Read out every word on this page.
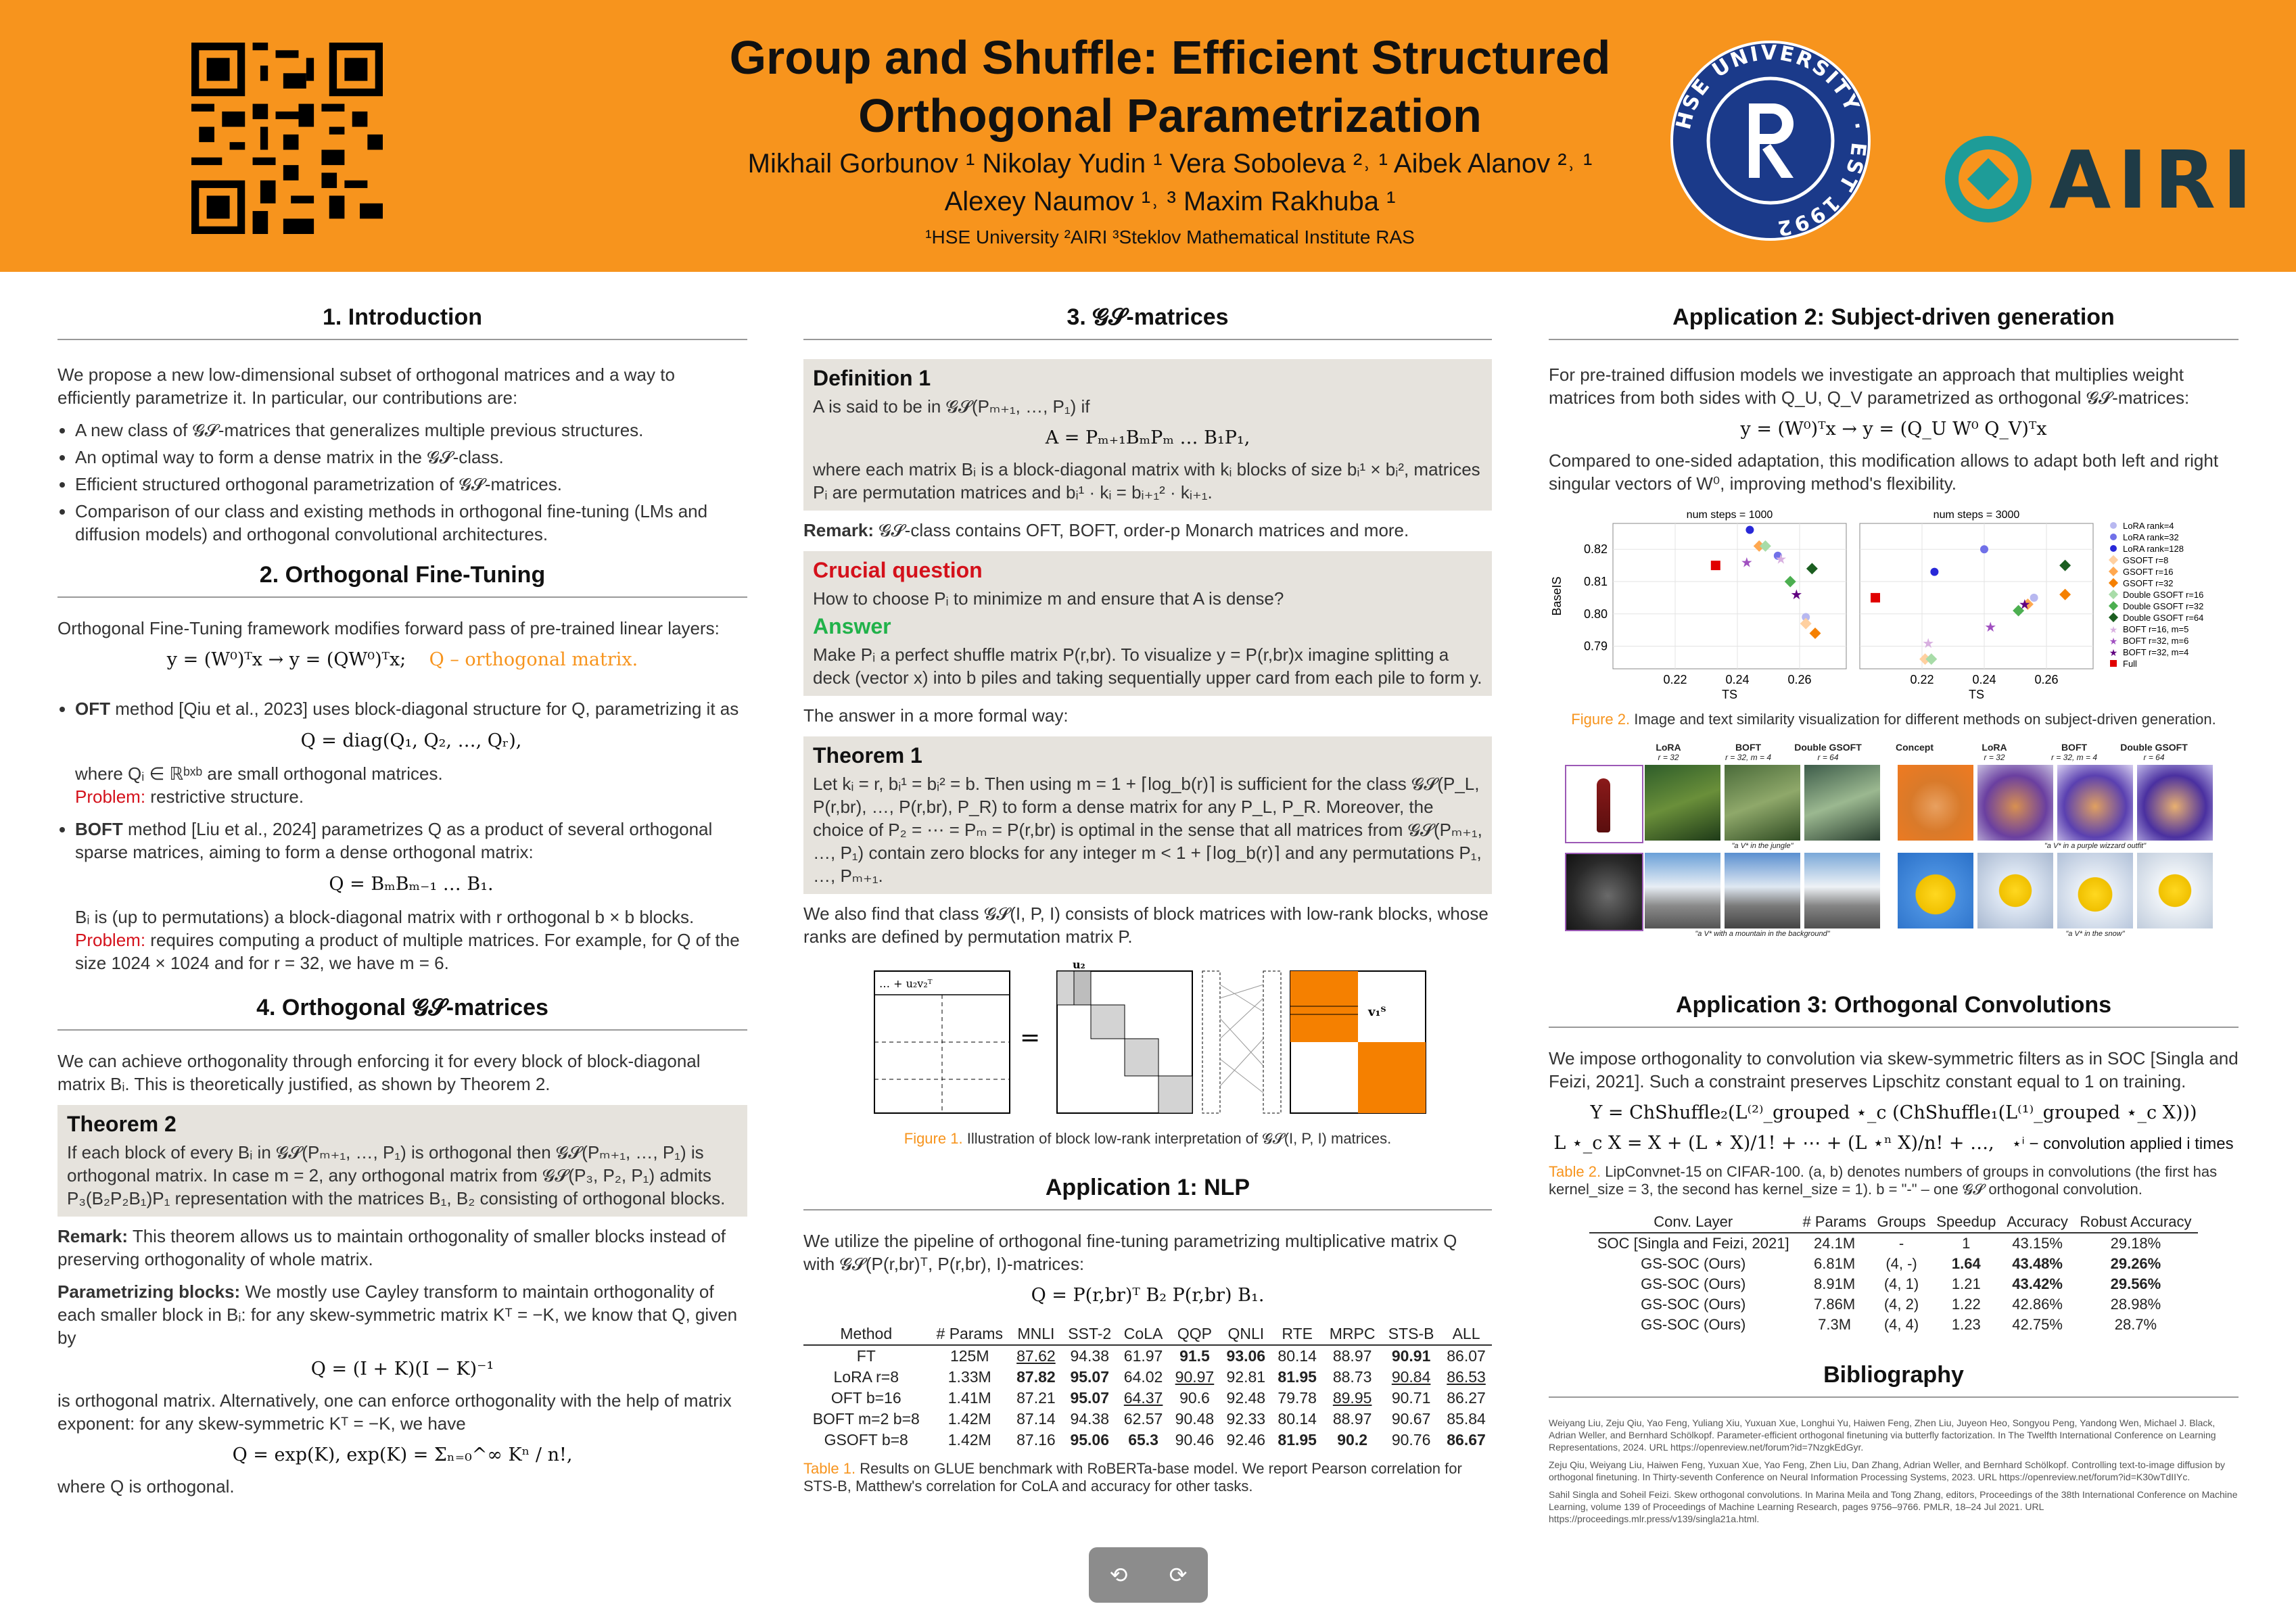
Group and Shuffle: Efficient Structured
Orthogonal Parametrization
Mikhail Gorbunov ¹ Nikolay Yudin ¹ Vera Soboleva ²˒ ¹ Aibek Alanov ²˒ ¹
Alexey Naumov ¹˒ ³ Maxim Rakhuba ¹
¹HSE University ²AIRI ³Steklov Mathematical Institute RAS
HSE UNIVERSITY · EST 1992
AIRI
1. Introduction

We propose a new low-dimensional subset of orthogonal matrices and a way to efficiently parametrize it. In particular, our contributions are:

• A new class of 𝓖𝓢-matrices that generalizes multiple previous structures.
• An optimal way to form a dense matrix in the 𝓖𝓢-class.
• Efficient structured orthogonal parametrization of 𝓖𝓢-matrices.
• Comparison of our class and existing methods in orthogonal fine-tuning (LMs and diffusion models) and orthogonal convolutional architectures.
2. Orthogonal Fine-Tuning

Orthogonal Fine-Tuning framework modifies forward pass of pre-trained linear layers:

y = (W⁰)ᵀx → y = (QW⁰)ᵀx; Q – orthogonal matrix.
• OFT method [Qiu et al., 2023] uses block-diagonal structure for Q, parametrizing it as
Q = diag(Q₁, Q₂, …, Qᵣ),
where Qᵢ ∈ ℝᵇˣᵇ are small orthogonal matrices.
Problem: restrictive structure.
• BOFT method [Liu et al., 2024] parametrizes Q as a product of several orthogonal sparse matrices, aiming to form a dense orthogonal matrix:
Q = BₘBₘ₋₁ … B₁.
Bᵢ is (up to permutations) a block-diagonal matrix with r orthogonal b × b blocks.
Problem: requires computing a product of multiple matrices. For example, for Q of the size 1024 × 1024 and for r = 32, we have m = 6.
4. Orthogonal 𝓖𝓢-matrices

We can achieve orthogonality through enforcing it for every block of block-diagonal matrix Bᵢ. This is theoretically justified, as shown by Theorem 2.

Theorem 2

If each block of every Bᵢ in 𝓖𝓢(Pₘ₊₁, …, P₁) is orthogonal then 𝓖𝓢(Pₘ₊₁, …, P₁) is orthogonal matrix. In case m = 2, any orthogonal matrix from 𝓖𝓢(P₃, P₂, P₁) admits P₃(B₂P₂B₁)P₁ representation with the matrices B₁, B₂ consisting of orthogonal blocks.

Remark: This theorem allows us to maintain orthogonality of smaller blocks instead of preserving orthogonality of whole matrix.

Parametrizing blocks: We mostly use Cayley transform to maintain orthogonality of each smaller block in Bᵢ: for any skew-symmetric matrix Kᵀ = −K, we know that Q, given by

Q = (I + K)(I − K)⁻¹

is orthogonal matrix. Alternatively, one can enforce orthogonality with the help of matrix exponent: for any skew-symmetric Kᵀ = −K, we have

Q = exp(K), exp(K) = Σₙ₌₀^∞ Kⁿ / n!,

where Q is orthogonal.

3. 𝓖𝓢-matrices
Definition 1

A is said to be in 𝓖𝓢(Pₘ₊₁, …, P₁) if

A = Pₘ₊₁BₘPₘ … B₁P₁,

where each matrix Bᵢ is a block-diagonal matrix with kᵢ blocks of size bᵢ¹ × bᵢ², matrices Pᵢ are permutation matrices and bᵢ¹ · kᵢ = bᵢ₊₁² · kᵢ₊₁.

Remark: 𝓖𝓢-class contains OFT, BOFT, order-p Monarch matrices and more.

Crucial question

How to choose Pᵢ to minimize m and ensure that A is dense?

Answer

Make Pᵢ a perfect shuffle matrix P(r,br). To visualize y = P(r,br)x imagine splitting a deck (vector x) into b piles and taking sequentially upper card from each pile to form y.

The answer in a more formal way:

Theorem 1

Let kᵢ = r, bᵢ¹ = bᵢ² = b. Then using m = 1 + ⌈log_b(r)⌉ is sufficient for the class 𝓖𝓢(P_L, P(r,br), …, P(r,br), P_R) to form a dense matrix for any P_L, P_R. Moreover, the choice of P₂ = ⋯ = Pₘ = P(r,br) is optimal in the sense that all matrices from 𝓖𝓢(Pₘ₊₁, …, P₁) contain zero blocks for any integer m < 1 + ⌈log_b(r)⌉ and any permutations P₁, …, Pₘ₊₁.

We also find that class 𝓖𝓢(I, P, I) consists of block matrices with low-rank blocks, whose ranks are defined by permutation matrix P.

… + u₂v₂ᵀ
=
u₂
v₁ᵀ
Figure 1. Illustration of block low-rank interpretation of 𝓖𝓢(I, P, I) matrices.
Application 1: NLP

We utilize the pipeline of orthogonal fine-tuning parametrizing multiplicative matrix Q with 𝓖𝓢(P(r,br)ᵀ, P(r,br), I)-matrices:

Q = P(r,br)ᵀ B₂ P(r,br) B₁.
Method	# Params	MNLI	SST-2	CoLA	QQP	QNLI	RTE	MRPC	STS-B	ALL
FT	125M	87.62	94.38	61.97	91.5	93.06	80.14	88.97	90.91	86.07
LoRA r=8	1.33M	87.82	95.07	64.02	90.97	92.81	81.95	88.73	90.84	86.53
OFT b=16	1.41M	87.21	95.07	64.37	90.6	92.48	79.78	89.95	90.71	86.27
BOFT m=2 b=8	1.42M	87.14	94.38	62.57	90.48	92.33	80.14	88.97	90.67	85.84
GSOFT b=8	1.42M	87.16	95.06	65.3	90.46	92.46	81.95	90.2	90.76	86.67
Table 1. Results on GLUE benchmark with RoBERTa-base model. We report Pearson correlation for STS-B, Matthew's correlation for CoLA and accuracy for other tasks.
Application 2: Subject-driven generation

For pre-trained diffusion models we investigate an approach that multiplies weight matrices from both sides with Q_U, Q_V parametrized as orthogonal 𝓖𝓢-matrices:

y = (W⁰)ᵀx → y = (Q_U W⁰ Q_V)ᵀx

Compared to one-sided adaptation, this modification allows to adapt both left and right singular vectors of W⁰, improving method's flexibility.

0.22	0.24	0.26
0.79
0.80
0.81
0.82
num steps = 1000
TS
BaseIS
★
★
★
0.22	0.24	0.26
num steps = 3000
TS
★
★
★
LoRA rank=4
LoRA rank=32
LoRA rank=128
GSOFT r=8
GSOFT r=16
GSOFT r=32
Double GSOFT r=16
Double GSOFT r=32
Double GSOFT r=64
★ BOFT r=16, m=5
★ BOFT r=32, m=6
★ BOFT r=32, m=4
Full
Figure 2. Image and text similarity visualization for different methods on subject-driven generation.
LoRA	BOFT	Double GSOFT	Concept	LoRA	BOFT	Double GSOFT
r = 32	r = 32, m = 4	r = 64	r = 32	r = 32, m = 4	r = 64
"a V* in the jungle"	"a V* in a purple wizzard outfit"
"a V* with a mountain in the background"	"a V* in the snow"
Application 3: Orthogonal Convolutions

We impose orthogonality to convolution via skew-symmetric filters as in SOC [Singla and Feizi, 2021]. Such a constraint preserves Lipschitz constant equal to 1 on training.

Y = ChShuffle₂(L⁽²⁾_grouped ⋆_c (ChShuffle₁(L⁽¹⁾_grouped ⋆_c X)))
L ⋆_c X = X + (L ⋆ X)/1! + ⋯ + (L ⋆ⁿ X)/n! + …, ⋆ⁱ − convolution applied i times
Table 2. LipConvnet-15 on CIFAR-100. (a, b) denotes numbers of groups in convolutions (the first has kernel_size = 3, the second has kernel_size = 1). b = "-" – one 𝓖𝓢 orthogonal convolution.
Conv. Layer	# Params	Groups	Speedup	Accuracy	Robust Accuracy
SOC [Singla and Feizi, 2021]	24.1M	-	1	43.15%	29.18%
GS-SOC (Ours)	6.81M	(4, -)	1.64	43.48%	29.26%
GS-SOC (Ours)	8.91M	(4, 1)	1.21	43.42%	29.56%
GS-SOC (Ours)	7.86M	(4, 2)	1.22	42.86%	28.98%
GS-SOC (Ours)	7.3M	(4, 4)	1.23	42.75%	28.7%
Bibliography

Weiyang Liu, Zeju Qiu, Yao Feng, Yuliang Xiu, Yuxuan Xue, Longhui Yu, Haiwen Feng, Zhen Liu, Juyeon Heo, Songyou Peng, Yandong Wen, Michael J. Black, Adrian Weller, and Bernhard Schölkopf. Parameter-efficient orthogonal finetuning via butterfly factorization. In The Twelfth International Conference on Learning Representations, 2024. URL https://openreview.net/forum?id=7NzgkEdGyr.

Zeju Qiu, Weiyang Liu, Haiwen Feng, Yuxuan Xue, Yao Feng, Zhen Liu, Dan Zhang, Adrian Weller, and Bernhard Schölkopf. Controlling text-to-image diffusion by orthogonal finetuning. In Thirty-seventh Conference on Neural Information Processing Systems, 2023. URL https://openreview.net/forum?id=K30wTdIIYc.

Sahil Singla and Soheil Feizi. Skew orthogonal convolutions. In Marina Meila and Tong Zhang, editors, Proceedings of the 38th International Conference on Machine Learning, volume 139 of Proceedings of Machine Learning Research, pages 9756–9766. PMLR, 18–24 Jul 2021. URL https://proceedings.mlr.press/v139/singla21a.html.

⟲ ⟳
